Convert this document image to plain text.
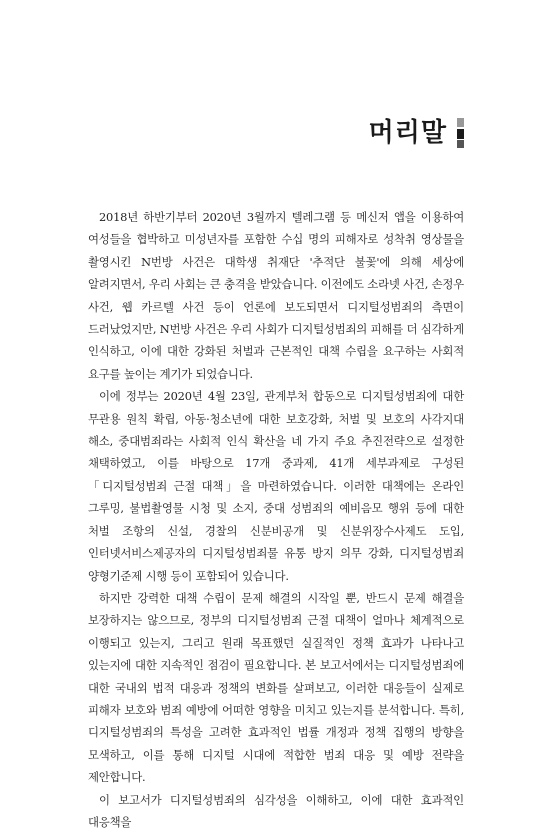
머리말

2018년 하반기부터 2020년 3월까지 텔레그램 등 메신저 앱을 이용하여 여성들을 협박하고 미성년자를 포함한 수십 명의 피해자로 성착취 영상물을 촬영시킨 N번방 사건은 대학생 취재단 '추적단 불꽃'에 의해 세상에 알려지면서, 우리 사회는 큰 충격을 받았습니다. 이전에도 소라넷 사건, 손정우 사건, 웹 카르텔 사건 등이 언론에 보도되면서 디지털성범죄의 측면이 드러났었지만, N번방 사건은 우리 사회가 디지털성범죄의 피해를 더 심각하게 인식하고, 이에 대한 강화된 처벌과 근본적인 대책 수립을 요구하는 사회적 요구를 높이는 계기가 되었습니다.

이에 정부는 2020년 4월 23일, 관계부처 합동으로 디지털성범죄에 대한 무관용 원칙 확립, 아동·청소년에 대한 보호강화, 처벌 및 보호의 사각지대 해소, 중대범죄라는 사회적 인식 확산을 네 가지 주요 추진전략으로 설정한 채택하였고, 이를 바탕으로 17개 중과제, 41개 세부과제로 구성된「디지털성범죄 근절 대책」을 마련하였습니다. 이러한 대책에는 온라인 그루밍, 불법촬영물 시청 및 소지, 중대 성범죄의 예비음모 행위 등에 대한 처벌 조항의 신설, 경찰의 신분비공개 및 신분위장수사제도 도입, 인터넷서비스제공자의 디지털성범죄물 유통 방지 의무 강화, 디지털성범죄 양형기준제 시행 등이 포함되어 있습니다.

하지만 강력한 대책 수립이 문제 해결의 시작일 뿐, 반드시 문제 해결을 보장하지는 않으므로, 정부의 디지털성범죄 근절 대책이 얼마나 체계적으로 이행되고 있는지, 그리고 원래 목표했던 실질적인 정책 효과가 나타나고 있는지에 대한 지속적인 점검이 필요합니다. 본 보고서에서는 디지털성범죄에 대한 국내외 법적 대응과 정책의 변화를 살펴보고, 이러한 대응들이 실제로 피해자 보호와 범죄 예방에 어떠한 영향을 미치고 있는지를 분석합니다. 특히, 디지털성범죄의 특성을 고려한 효과적인 법률 개정과 정책 집행의 방향을 모색하고, 이를 통해 디지털 시대에 적합한 범죄 대응 및 예방 전략을 제안합니다.

이 보고서가 디지털성범죄의 심각성을 이해하고, 이에 대한 효과적인 대응책을
